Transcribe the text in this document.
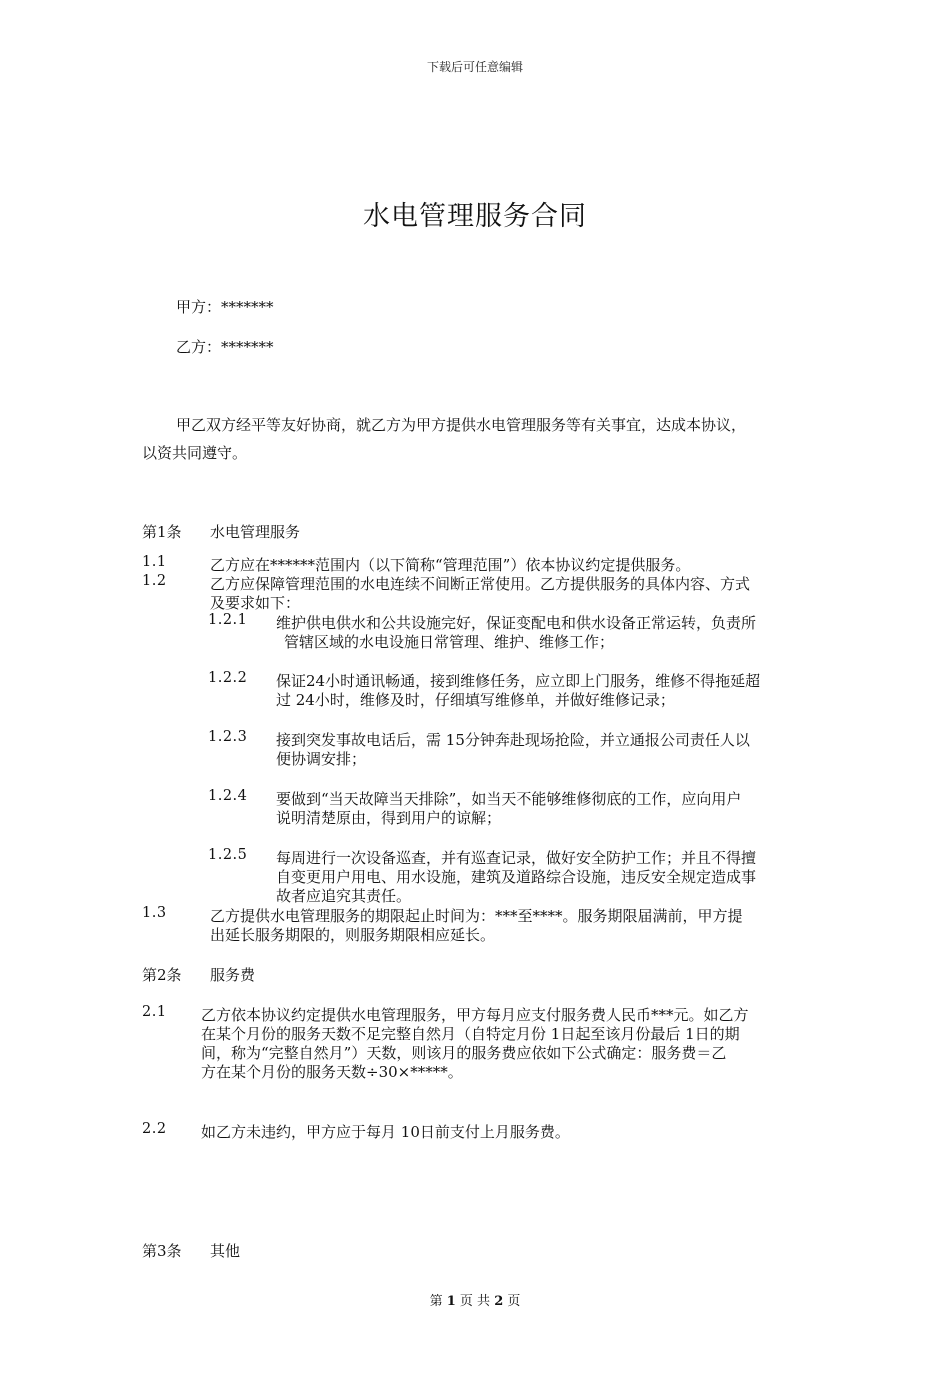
下载后可任意编辑
水电管理服务合同
甲方：*******
乙方：*******
甲乙双方经平等友好协商，就乙方为甲方提供水电管理服务等有关事宜，达成本协议，
以资共同遵守。
第1条 水电管理服务
1.1	乙方应在******范围内（以下简称“管理范围”）依本协议约定提供服务。
1.2	乙方应保障管理范围的水电连续不间断正常使用。乙方提供服务的具体内容、方式
及要求如下：
1.2.1 维护供电供水和公共设施完好，保证变配电和供水设备正常运转，负责所
管辖区域的水电设施日常管理、维护、维修工作；
1.2.2 保证24小时通讯畅通，接到维修任务，应立即上门服务，维修不得拖延超
过 24小时，维修及时，仔细填写维修单，并做好维修记录；
1.2.3 接到突发事故电话后，需 15分钟奔赴现场抢险，并立通报公司责任人以
便协调安排；
1.2.4 要做到“当天故障当天排除”，如当天不能够维修彻底的工作，应向用户
说明清楚原由，得到用户的谅解；
1.2.5 每周进行一次设备巡查，并有巡查记录，做好安全防护工作；并且不得擅
自变更用户用电、用水设施，建筑及道路综合设施，违反安全规定造成事
故者应追究其责任。
1.3	乙方提供水电管理服务的期限起止时间为：***至****。服务期限届满前，甲方提
出延长服务期限的，则服务期限相应延长。
第2条 服务费
2.1 乙方依本协议约定提供水电管理服务，甲方每月应支付服务费人民币***元。如乙方
在某个月份的服务天数不足完整自然月（自特定月份 1日起至该月份最后 1日的期
间，称为“完整自然月”）天数，则该月的服务费应依如下公式确定：服务费＝乙
方在某个月份的服务天数÷30×*****。
2.2 如乙方未违约，甲方应于每月 10日前支付上月服务费。
第3条 其他
第 1 页 共 2 页
